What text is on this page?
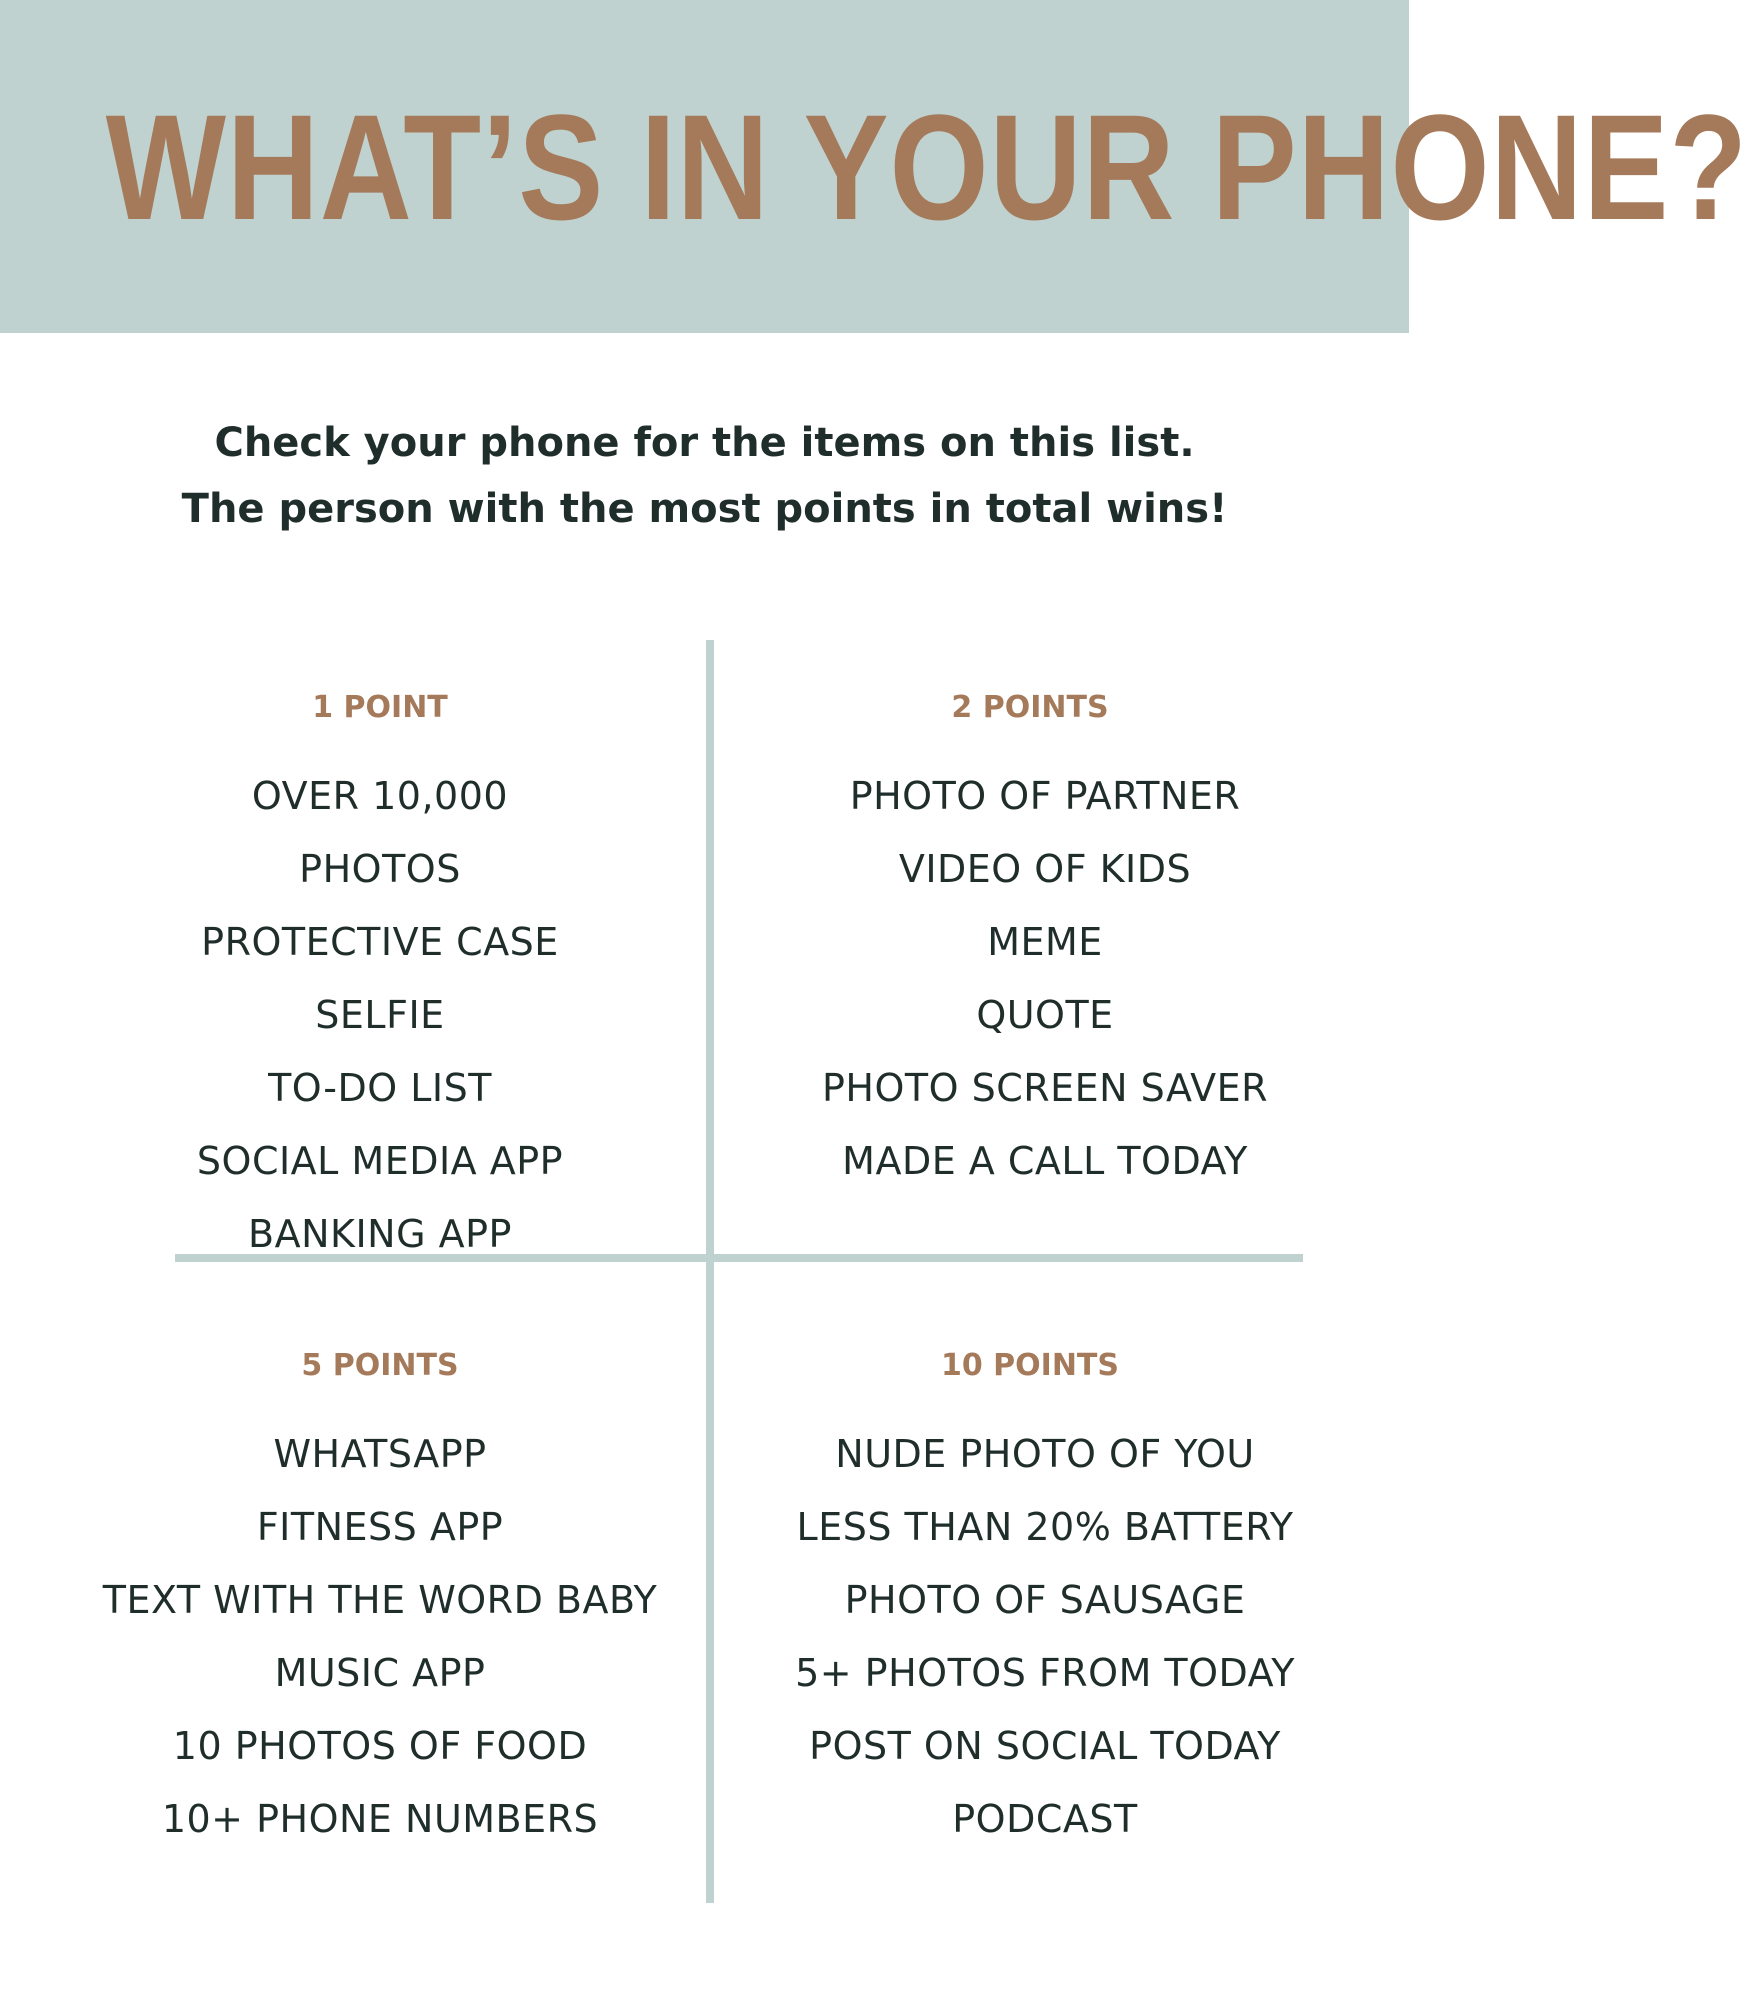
WHAT’S IN YOUR PHONE?
Check your phone for the items on this list.
The person with the most points in total wins!
1 POINT
OVER 10,000
PHOTOS
PROTECTIVE CASE
SELFIE
TO-DO LIST
SOCIAL MEDIA APP
BANKING APP
2 POINTS
PHOTO OF PARTNER
VIDEO OF KIDS
MEME
QUOTE
PHOTO SCREEN SAVER
MADE A CALL TODAY
5 POINTS
WHATSAPP
FITNESS APP
TEXT WITH THE WORD BABY
MUSIC APP
10 PHOTOS OF FOOD
10+ PHONE NUMBERS
10 POINTS
NUDE PHOTO OF YOU
LESS THAN 20% BATTERY
PHOTO OF SAUSAGE
5+ PHOTOS FROM TODAY
POST ON SOCIAL TODAY
PODCAST
